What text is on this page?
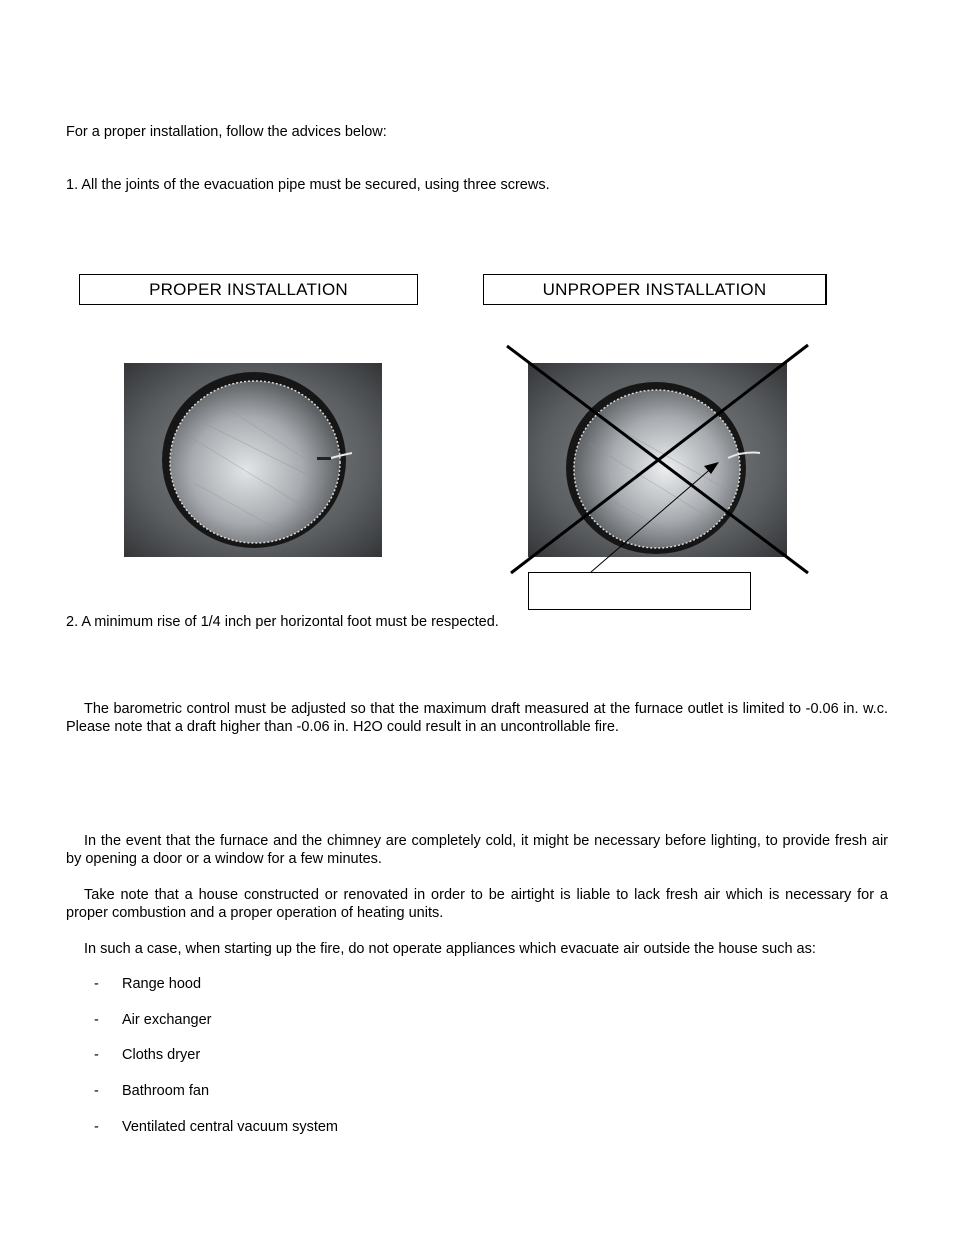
For a proper installation, follow the advices below:
1. All the joints of the evacuation pipe must be secured, using three screws.
PROPER INSTALLATION	UNPROPER INSTALLATION
2. A minimum rise of 1/4 inch per horizontal foot must be respected.
The barometric control must be adjusted so that the maximum draft measured at the furnace outlet is limited to -0.06 in. w.c. Please note that a draft higher than -0.06 in. H2O could result in an uncontrollable fire.
In the event that the furnace and the chimney are completely cold, it might be necessary before lighting, to provide fresh air by opening a door or a window for a few minutes.
Take note that a house constructed or renovated in order to be airtight is liable to lack fresh air which is necessary for a proper combustion and a proper operation of heating units.
In such a case, when starting up the fire, do not operate appliances which evacuate air outside the house such as:
- Range hood
- Air exchanger
- Cloths dryer
- Bathroom fan
- Ventilated central vacuum system
